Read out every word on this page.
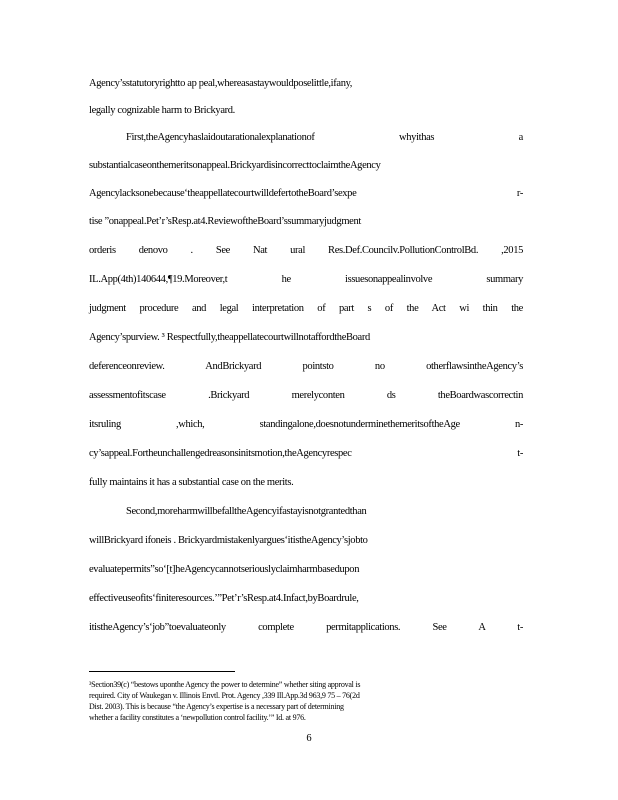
Agency’sstatutoryrightto ap peal,whereasastaywouldposelittle,ifany,
legally cognizable harm to Brickyard.
First,theAgencyhaslaidoutarationalexplanationof whyithas a
substantialcaseonthemeritsonappeal.BrickyardisincorrecttoclaimtheAgency
Agencylacksonebecause‘theappellatecourtwilldefertotheBoard’sexpe r-
tise ”onappeal.Pet’r’sResp.at4.ReviewoftheBoard’ssummaryjudgment
orderis denovo . See Nat ural Res.Def.Councilv.PollutionControlBd. ,2015
IL.App(4th)140644,¶19.Moreover,t he issuesonappealinvolve summary
judgment procedure and legal interpretation of part s of the Act wi thin the
Agency’spurview. ³ Respectfully,theappellatecourtwillnotaffordtheBoard
deferenceonreview. AndBrickyard pointsto no otherflawsintheAgency’s
assessmentofitscase .Brickyard merelyconten ds theBoardwascorrectin
itsruling ,which, standingalone,doesnotunderminethemeritsoftheAge n-
cy’sappeal.Fortheunchallengedreasonsinitsmotion,theAgencyrespec t-
fully maintains it has a substantial case on the merits.
Second,moreharmwillbefalltheAgencyifastayisnotgrantedthan
willBrickyard ifoneis . Brickyardmistakenlyargues‘itistheAgency’sjobto
evaluatepermits”so‘[t]heAgencycannotseriouslyclaimharmbasedupon
effectiveuseofits‘finiteresources.’”Pet’r’sResp.at4.Infact,byBoardrule,
itistheAgency’s‘job”toevaluateonly complete permitapplications. See A t-
³Section39(c) “bestows uponthe Agency the power to determine” whether siting approval is
required. City of Waukegan v. Illinois Envtl. Prot. Agency ,339 Ill.App.3d 963,9 75 – 76(2d
Dist. 2003). This is because “the Agency’s expertise is a necessary part of determining
whether a facility constitutes a ‘newpollution control facility.’” Id. at 976.
6
